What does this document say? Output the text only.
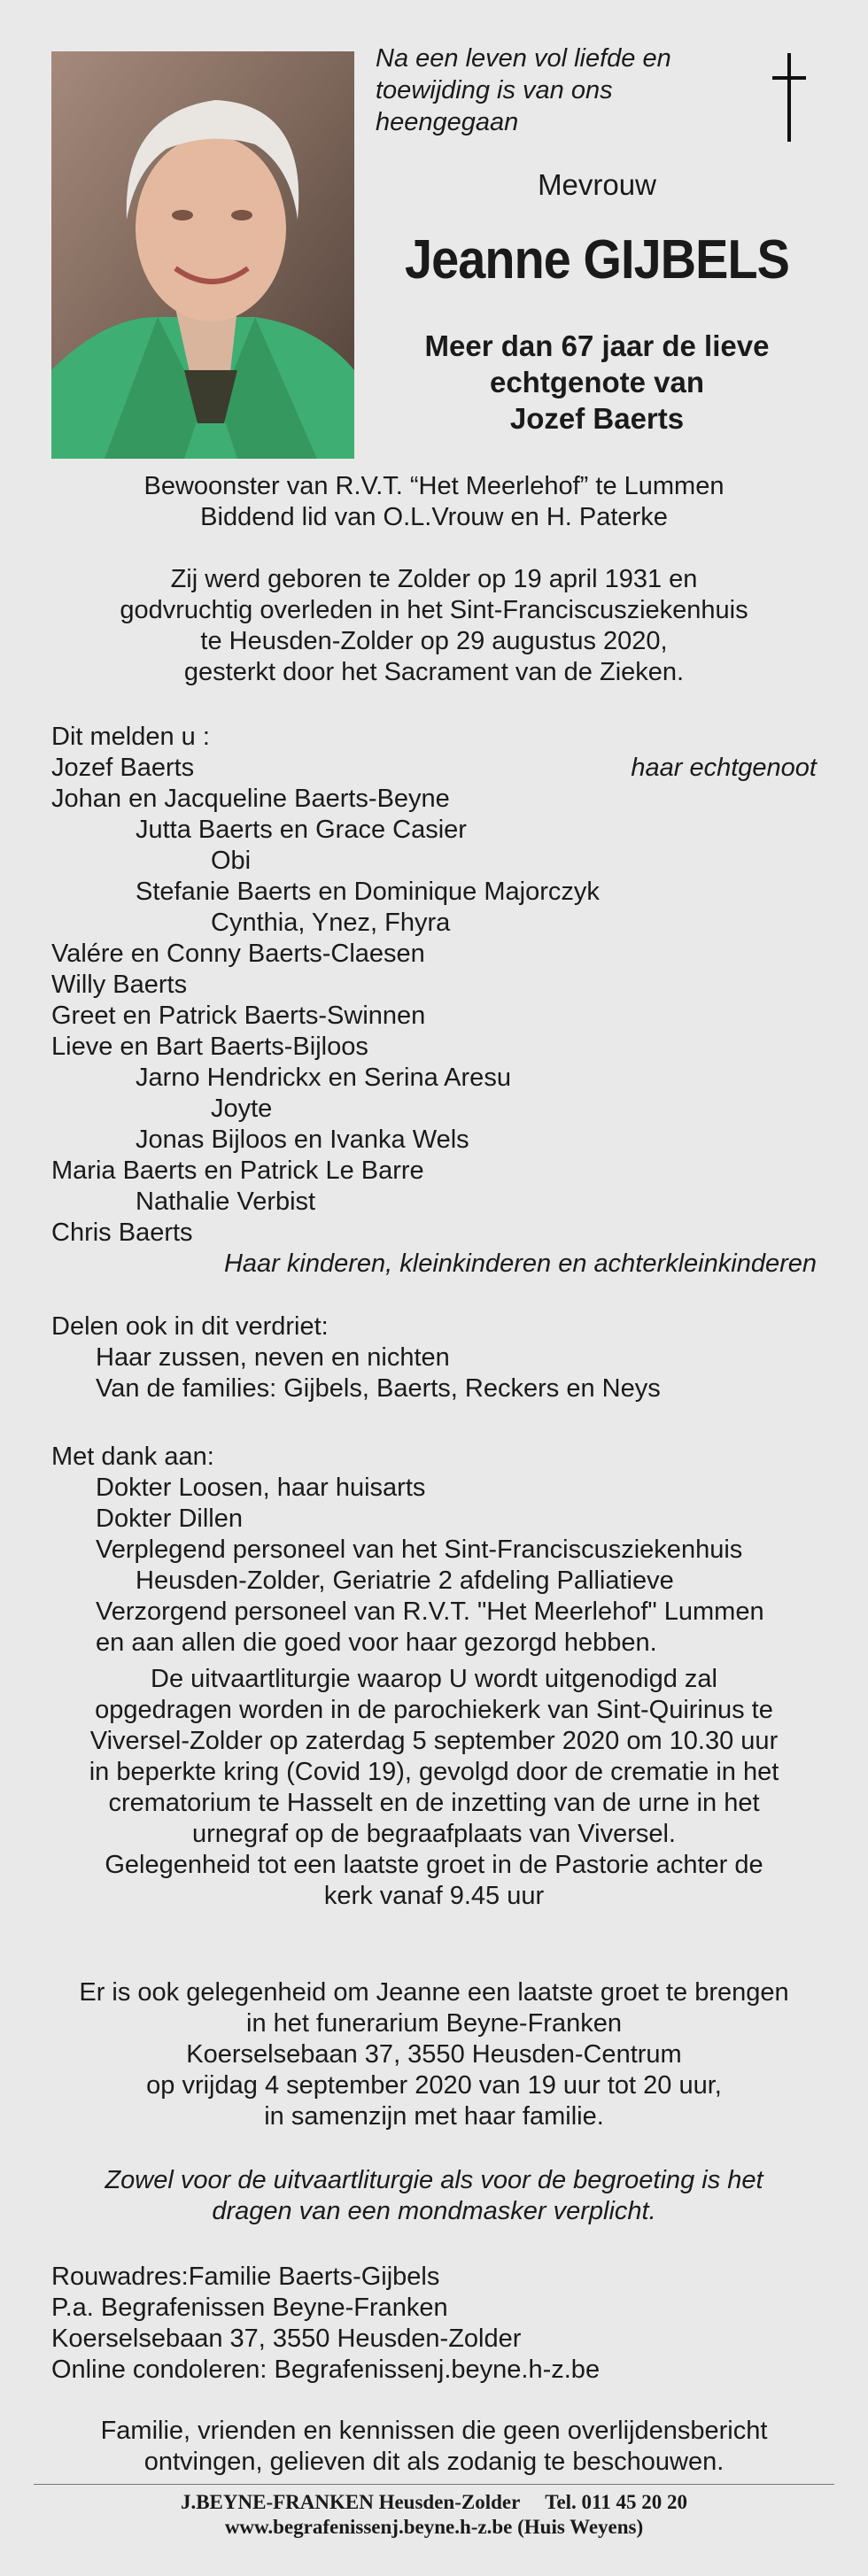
Na een leven vol liefde en
toewijding is van ons
heengegaan
Mevrouw
Jeanne GIJBELS
Meer dan 67 jaar de lieve
echtgenote van
Jozef Baerts
Bewoonster van R.V.T. “Het Meerlehof” te Lummen
Biddend lid van O.L.Vrouw en H. Paterke
Zij werd geboren te Zolder op 19 april 1931 en
godvruchtig overleden in het Sint-Franciscusziekenhuis
te Heusden-Zolder op 29 augustus 2020,
gesterkt door het Sacrament van de Zieken.
Dit melden u :
Jozef Baerts	haar echtgenoot
Johan en Jacqueline Baerts-Beyne
Jutta Baerts en Grace Casier
Obi
Stefanie Baerts en Dominique Majorczyk
Cynthia, Ynez, Fhyra
Valére en Conny Baerts-Claesen
Willy Baerts
Greet en Patrick Baerts-Swinnen
Lieve en Bart Baerts-Bijloos
Jarno Hendrickx en Serina Aresu
Joyte
Jonas Bijloos en Ivanka Wels
Maria Baerts en Patrick Le Barre
Nathalie Verbist
Chris Baerts
Haar kinderen, kleinkinderen en achterkleinkinderen
Delen ook in dit verdriet:
Haar zussen, neven en nichten
Van de families: Gijbels, Baerts, Reckers en Neys
Met dank aan:
Dokter Loosen, haar huisarts
Dokter Dillen
Verplegend personeel van het Sint-Franciscusziekenhuis
Heusden-Zolder, Geriatrie 2 afdeling Palliatieve
Verzorgend personeel van R.V.T. "Het Meerlehof" Lummen
en aan allen die goed voor haar gezorgd hebben.
De uitvaartliturgie waarop U wordt uitgenodigd zal
opgedragen worden in de parochiekerk van Sint-Quirinus te
Viversel-Zolder op zaterdag 5 september 2020 om 10.30 uur
in beperkte kring (Covid 19), gevolgd door de crematie in het
crematorium te Hasselt en de inzetting van de urne in het
urnegraf op de begraafplaats van Viversel.
Gelegenheid tot een laatste groet in de Pastorie achter de
kerk vanaf 9.45 uur
Er is ook gelegenheid om Jeanne een laatste groet te brengen
in het funerarium Beyne-Franken
Koerselsebaan 37, 3550 Heusden-Centrum
op vrijdag 4 september 2020 van 19 uur tot 20 uur,
in samenzijn met haar familie.
Zowel voor de uitvaartliturgie als voor de begroeting is het
dragen van een mondmasker verplicht.
Rouwadres:Familie Baerts-Gijbels
P.a. Begrafenissen Beyne-Franken
Koerselsebaan 37, 3550 Heusden-Zolder
Online condoleren: Begrafenissenj.beyne.h-z.be
Familie, vrienden en kennissen die geen overlijdensbericht
ontvingen, gelieven dit als zodanig te beschouwen.
J.BEYNE-FRANKEN Heusden-Zolder     Tel. 011 45 20 20
www.begrafenissenj.beyne.h-z.be (Huis Weyens)
